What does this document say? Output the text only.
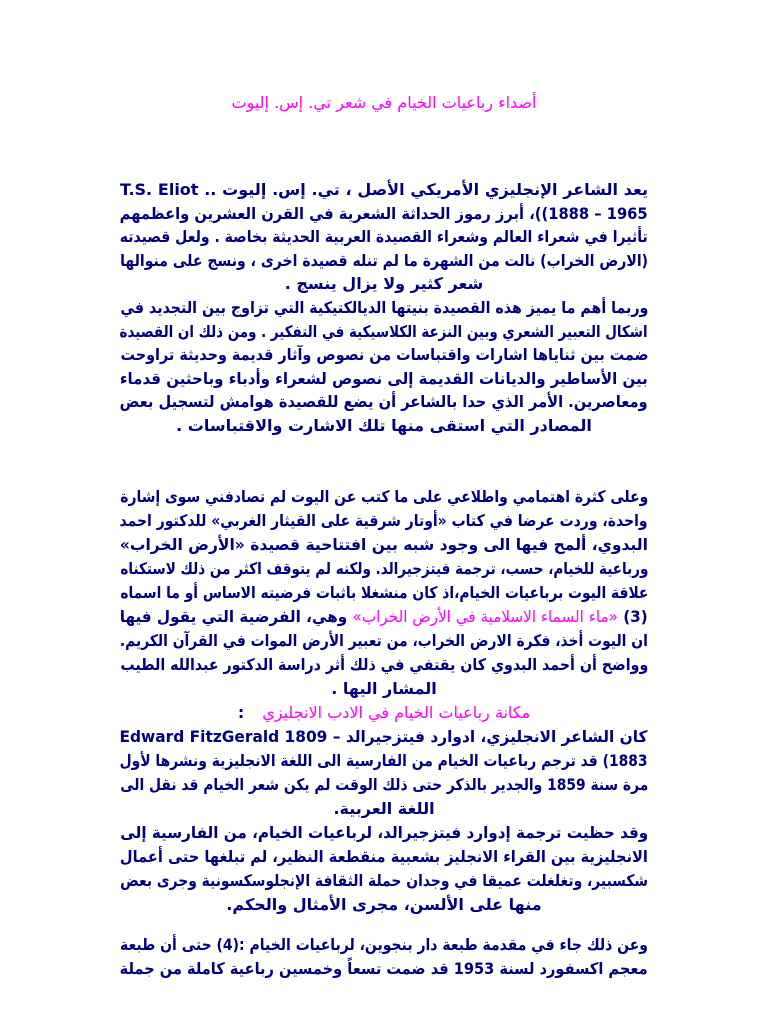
أصداء رباعيات الخيام في شعر تي. إس. إليوت
يعد الشاعر الإنجليزي الأمريكي الأصل ، تي. إس. إليوت .. T.S. Eliot
1965 – 1888))، أبرز رموز الحداثة الشعرية في القرن العشرين واعظمهم
تأثيرا في شعراء العالم وشعراء القصيدة العربية الحديثة بخاصة . ولعل قصيدته
(الارض الخراب) نالت من الشهرة ما لم تنله قصيدة اخرى ، ونسج على منوالها
شعر كثير ولا يزال ينسج .
وربما أهم ما يميز هذه القصيدة بنيتها الديالكتيكية التي تزاوج بين التجديد في
اشكال التعبير الشعري وبين النزعة الكلاسيكية في التفكير . ومن ذلك ان القصيدة
ضمت بين ثناياها اشارات واقتباسات من نصوص وآثار قديمة وحديثة تراوحت
بين الأساطير والديانات القديمة إلى نصوص لشعراء وأدباء وباحثين قدماء
ومعاصرين. الأمر الذي حدا بالشاعر أن يضع للقصيدة هوامش لتسجيل بعض
المصادر التي استقى منها تلك الاشارت والاقتباسات .
وعلى كثرة اهتمامي واطلاعي على ما كتب عن اليوت لم تصادفني سوى إشارة
واحدة، وردت عرضا في كتاب «أوتار شرقية على القيثار الغربي» للدكتور احمد
البدوي، ألمح فيها الى وجود شبه بين افتتاحية قصيدة «الأرض الخراب»
ورباعية للخيام، حسب، ترجمة فيتزجيرالد. ولكنه لم يتوقف اكثر من ذلك لاستكناه
علاقة اليوت برباعيات الخيام،اذ كان منشغلا باثبات فرضيته الاساس أو ما اسماه
(3) «ماء السماء الاسلامية في الأرض الخراب» وهي، الفرضية التي يقول فيها
ان اليوت أخذ، فكرة الارض الخراب، من تعبير الأرض الموات في القرآن الكريم.
وواضح أن أحمد البدوي كان يقتفي في ذلك أثر دراسة الدكتور عبدالله الطيب
المشار اليها .
مكانة رباعيات الخيام في الادب الانجليزي:
كان الشاعر الانجليزي، ادوارد فيتزجيرالد – Edward FitzGerald 1809
1883) قد ترجم رباعيات الخيام من الفارسية الى اللغة الانجليزية ونشرها لأول
مرة سنة 1859 والجدير بالذكر حتى ذلك الوقت لم يكن شعر الخيام قد نقل الى
اللغة العربية.
وقد حظيت ترجمة إدوارد فيتزجيرالد، لرباعيات الخيام، من الفارسية إلى
الانجليزية بين القراء الانجليز بشعبية منقطعة النظير، لم تبلغها حتى أعمال
شكسبير، وتغلغلت عميقا في وجدان حملة الثقافة الإنجلوسكسونية وجرى بعض
منها على الألسن، مجرى الأمثال والحكم.
وعن ذلك جاء في مقدمة طبعة دار بنجوين، لرباعيات الخيام :(4) حتى أن طبعة
معجم اكسفورد لسنة 1953 قد ضمت تسعاً وخمسين رباعية كاملة من جملة
